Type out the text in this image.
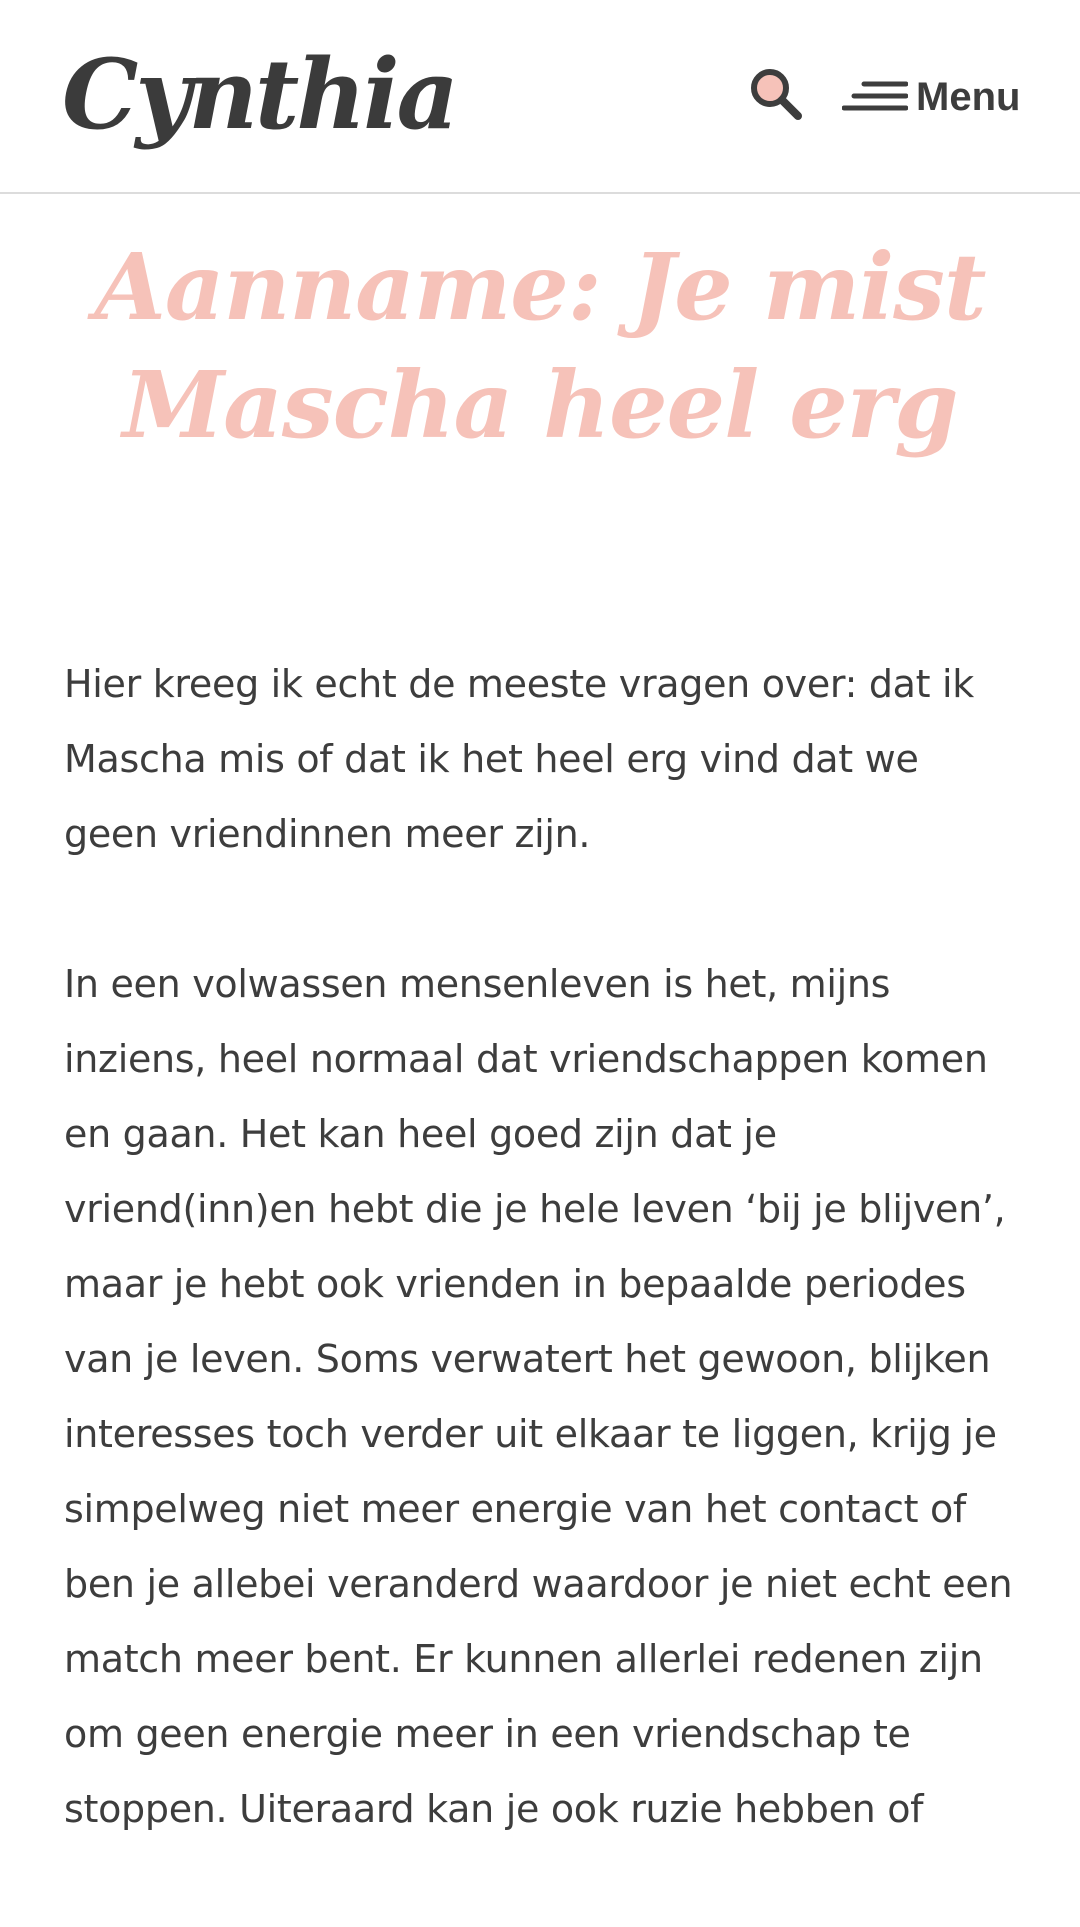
Cynthia	Menu
Aanname: Je mist Mascha heel erg

Hier kreeg ik echt de meeste vragen over: dat ik Mascha mis of dat ik het heel erg vind dat we geen vriendinnen meer zijn.

In een volwassen mensenleven is het, mijns inziens, heel normaal dat vriendschappen komen en gaan. Het kan heel goed zijn dat je vriend(inn)en hebt die je hele leven ‘bij je blijven’, maar je hebt ook vrienden in bepaalde periodes van je leven. Soms verwatert het gewoon, blijken interesses toch verder uit elkaar te liggen, krijg je simpelweg niet meer energie van het contact of ben je allebei veranderd waardoor je niet echt een match meer bent. Er kunnen allerlei redenen zijn om geen energie meer in een vriendschap te stoppen. Uiteraard kan je ook ruzie hebben of
